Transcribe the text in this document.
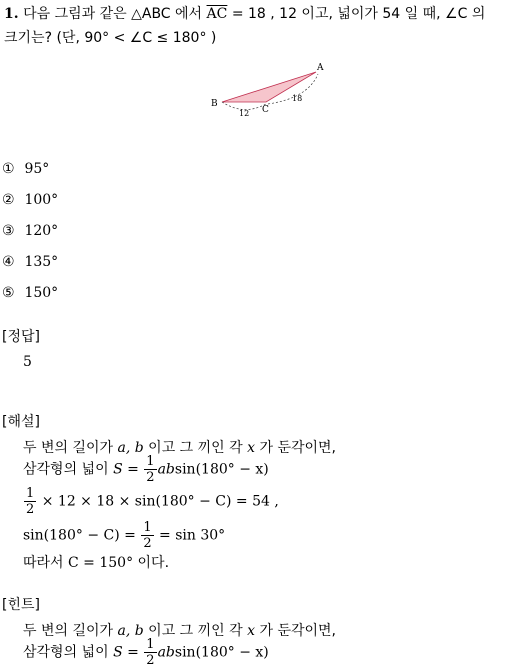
1. 다음 그림과 같은 △ABC 에서 $\overline{AC} = 18$ , 12 이고, 넓이가 54 일 때, ∠C 의
크기는? (단, 90° < ∠C ≤ 180° )
A
B
C
12
18
① 95°
② 100°
③ 120°
④ 135°
⑤ 150°
[정답]
5
[해설]
두 변의 길이가 a, b 이고 그 끼인 각 x 가 둔각이면,
삼각형의 넓이 $S = \frac{1}{2} absin(180^\circ - x)$
$\frac{1}{2} \times 12 \times 18 \times \sin(180^\circ - C) = 54$ ,
$\sin(180^\circ - C) = \frac{1}{2} = \sin 30^\circ$
따라서 C = 150° 이다.
[힌트]
두 변의 길이가 a, b 이고 그 끼인 각 x 가 둔각이면,
삼각형의 넓이 $S = \frac{1}{2} absin(180^\circ - x)$
